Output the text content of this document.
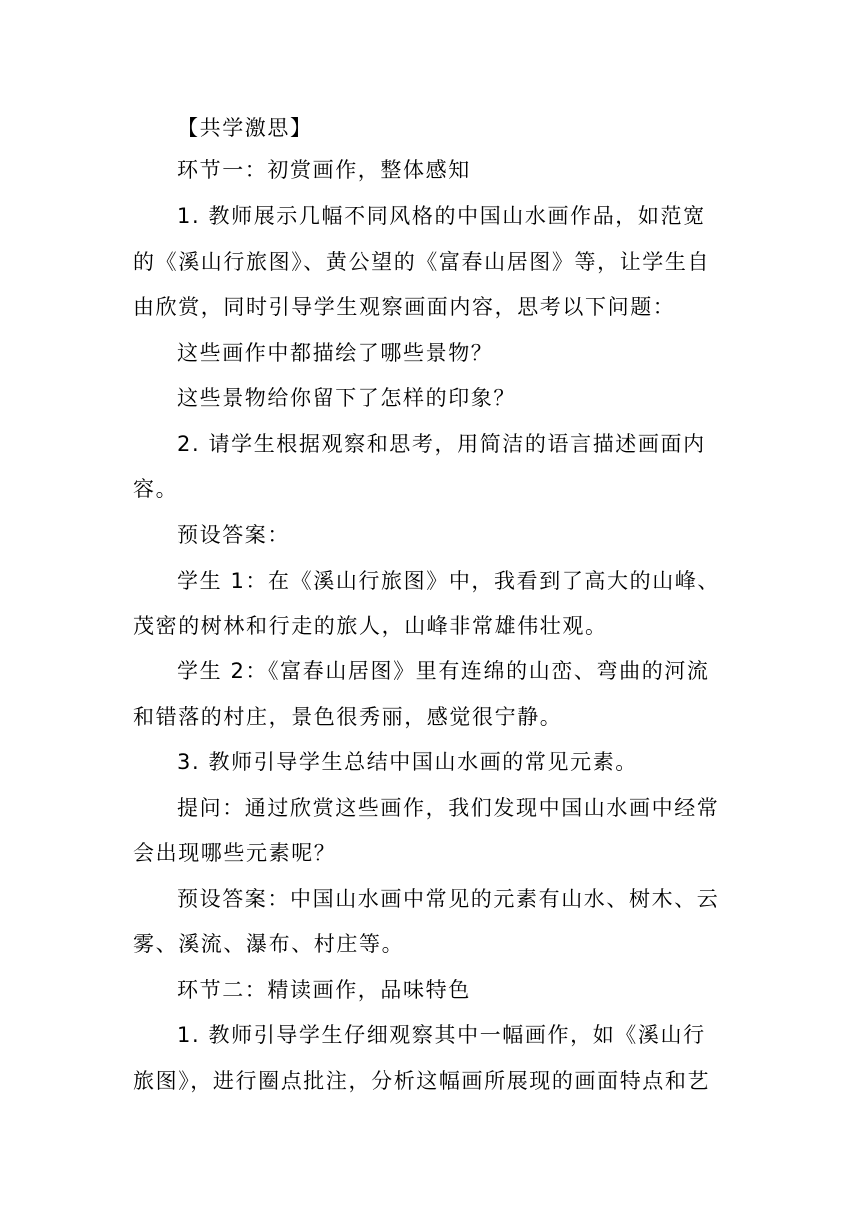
【共学激思】
环节一：初赏画作，整体感知
1. 教师展示几幅不同风格的中国山水画作品，如范宽
的《溪山行旅图》、黄公望的《富春山居图》等，让学生自
由欣赏，同时引导学生观察画面内容，思考以下问题：
这些画作中都描绘了哪些景物？
这些景物给你留下了怎样的印象？
2. 请学生根据观察和思考，用简洁的语言描述画面内
容。
预设答案：
学生 1：在《溪山行旅图》中，我看到了高大的山峰、
茂密的树林和行走的旅人，山峰非常雄伟壮观。
学生 2：《富春山居图》里有连绵的山峦、弯曲的河流
和错落的村庄，景色很秀丽，感觉很宁静。
3. 教师引导学生总结中国山水画的常见元素。
提问：通过欣赏这些画作，我们发现中国山水画中经常
会出现哪些元素呢？
预设答案：中国山水画中常见的元素有山水、树木、云
雾、溪流、瀑布、村庄等。
环节二：精读画作，品味特色
1. 教师引导学生仔细观察其中一幅画作，如《溪山行
旅图》，进行圈点批注，分析这幅画所展现的画面特点和艺
